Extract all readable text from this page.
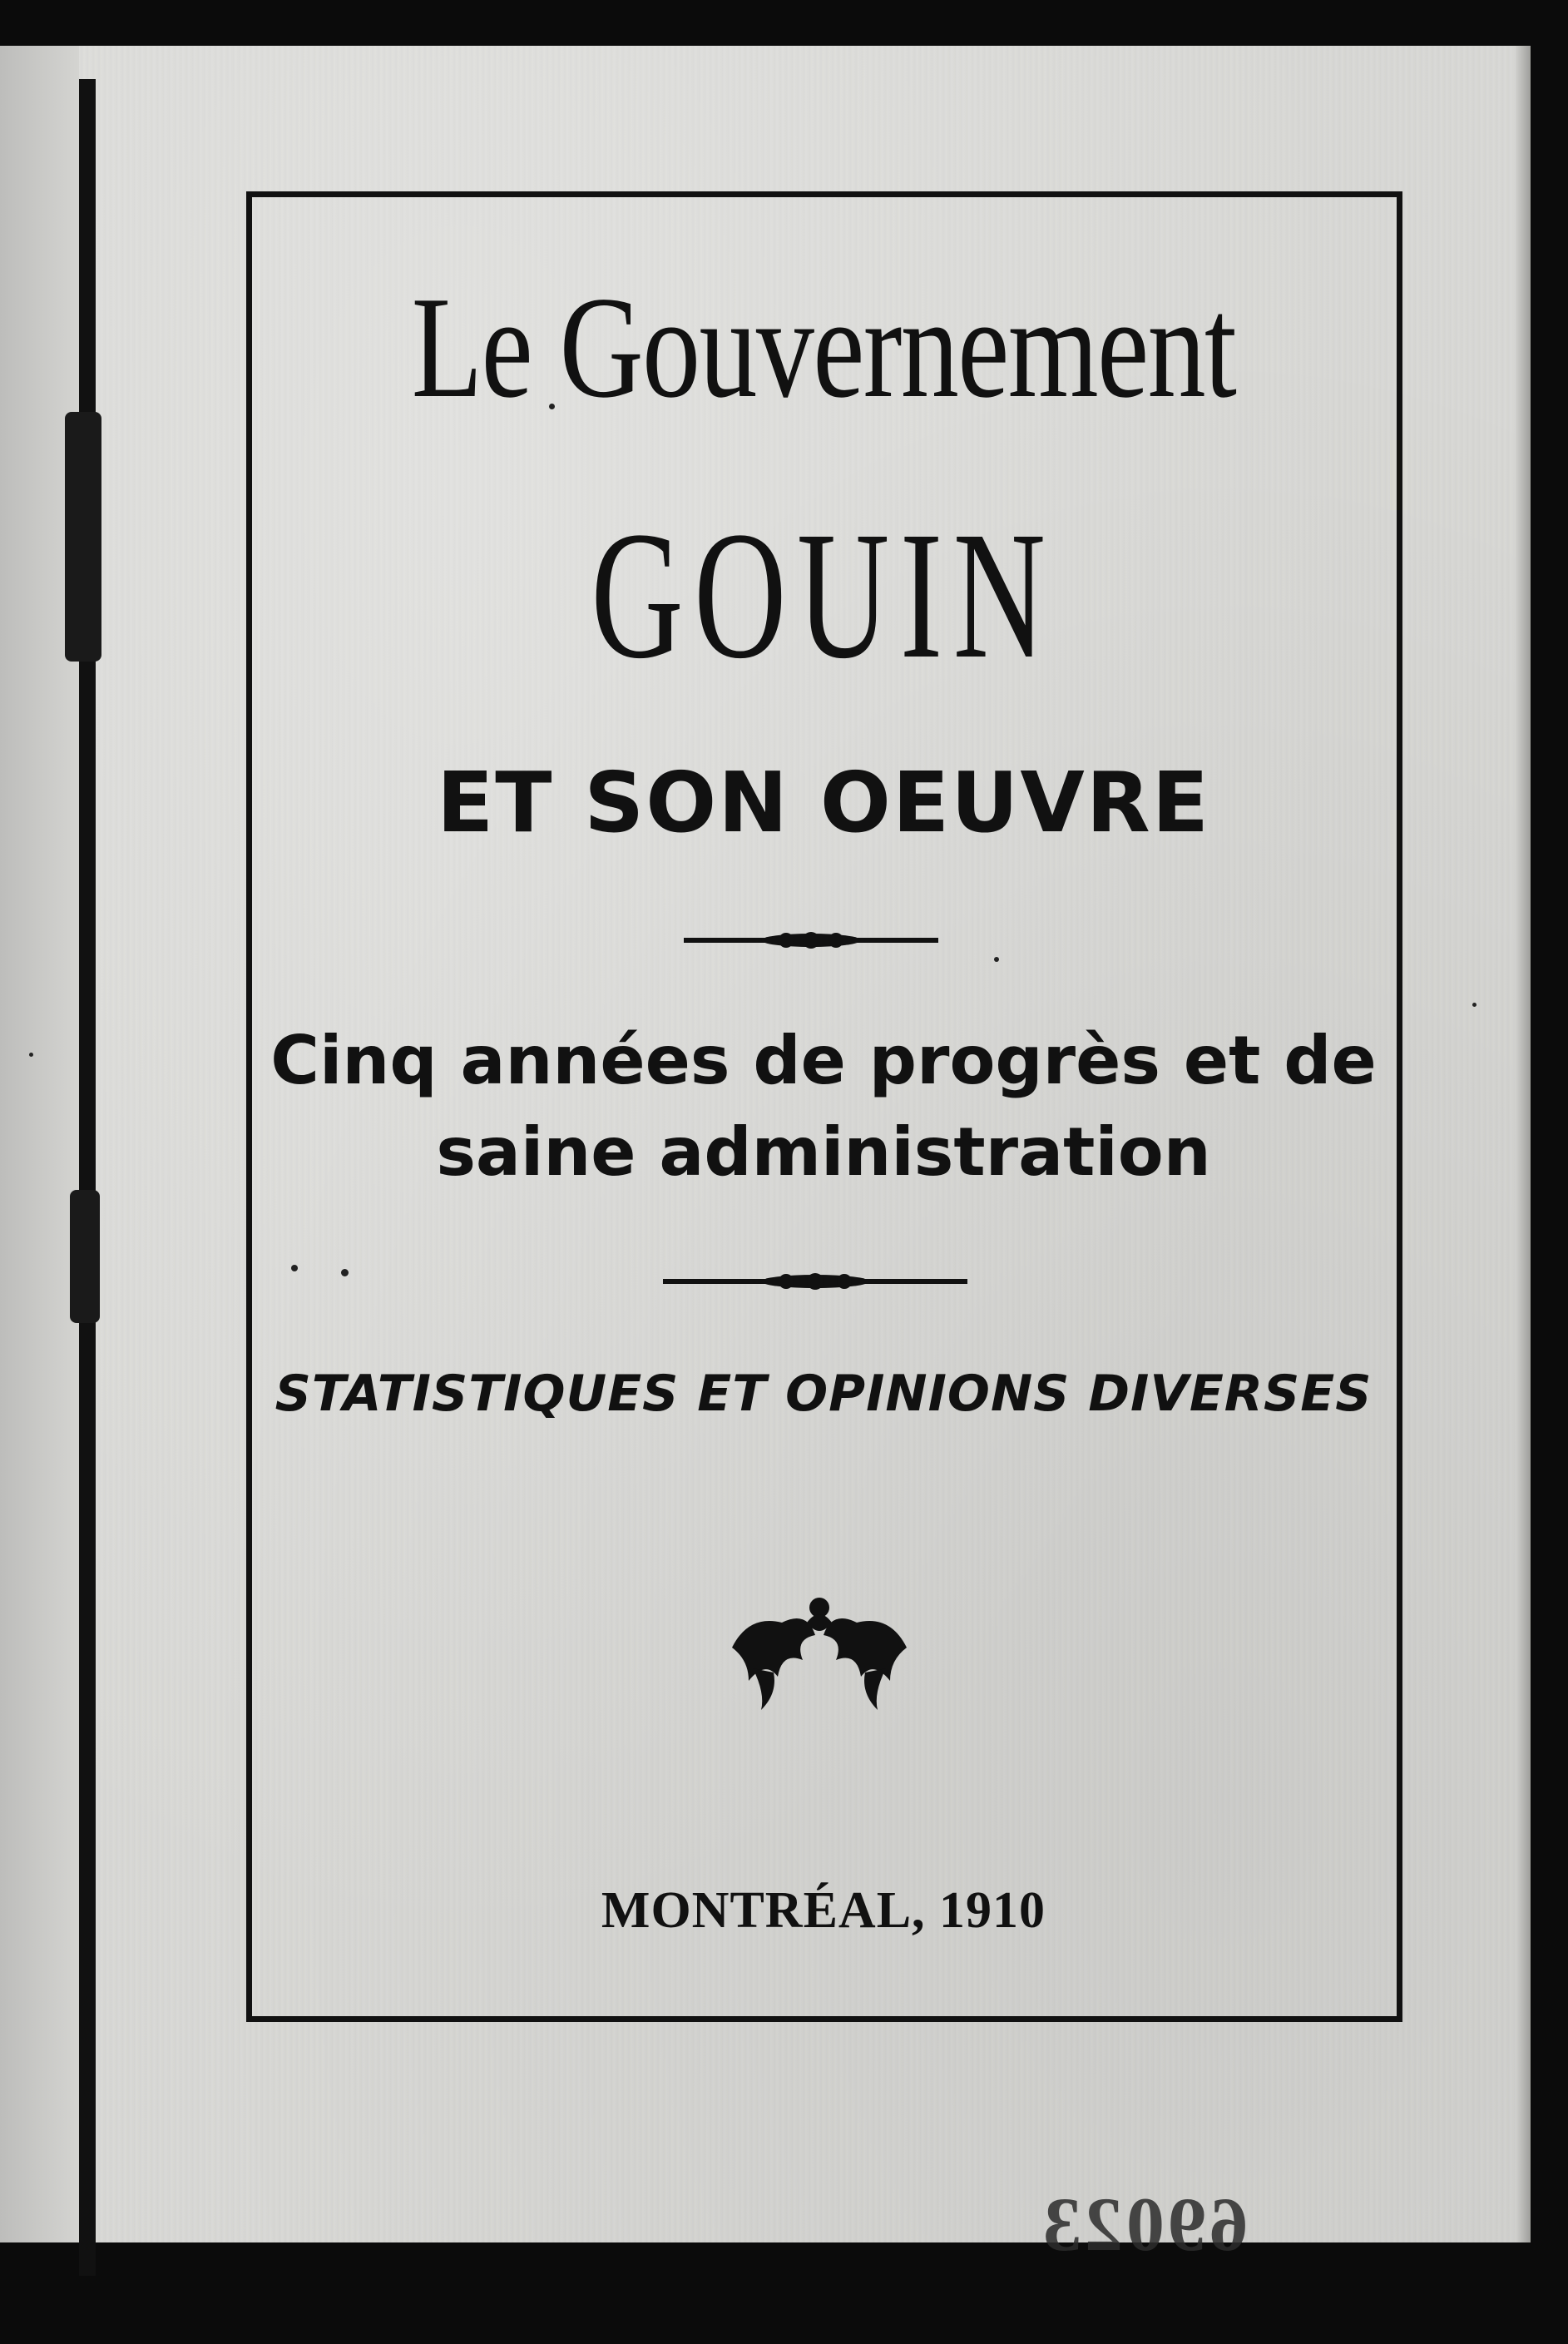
Le Gouvernement
GOUIN
ET SON OEUVRE
Cinq années de progrès et de
saine administration
STATISTIQUES ET OPINIONS DIVERSES
MONTRÉAL, 1910
69023
